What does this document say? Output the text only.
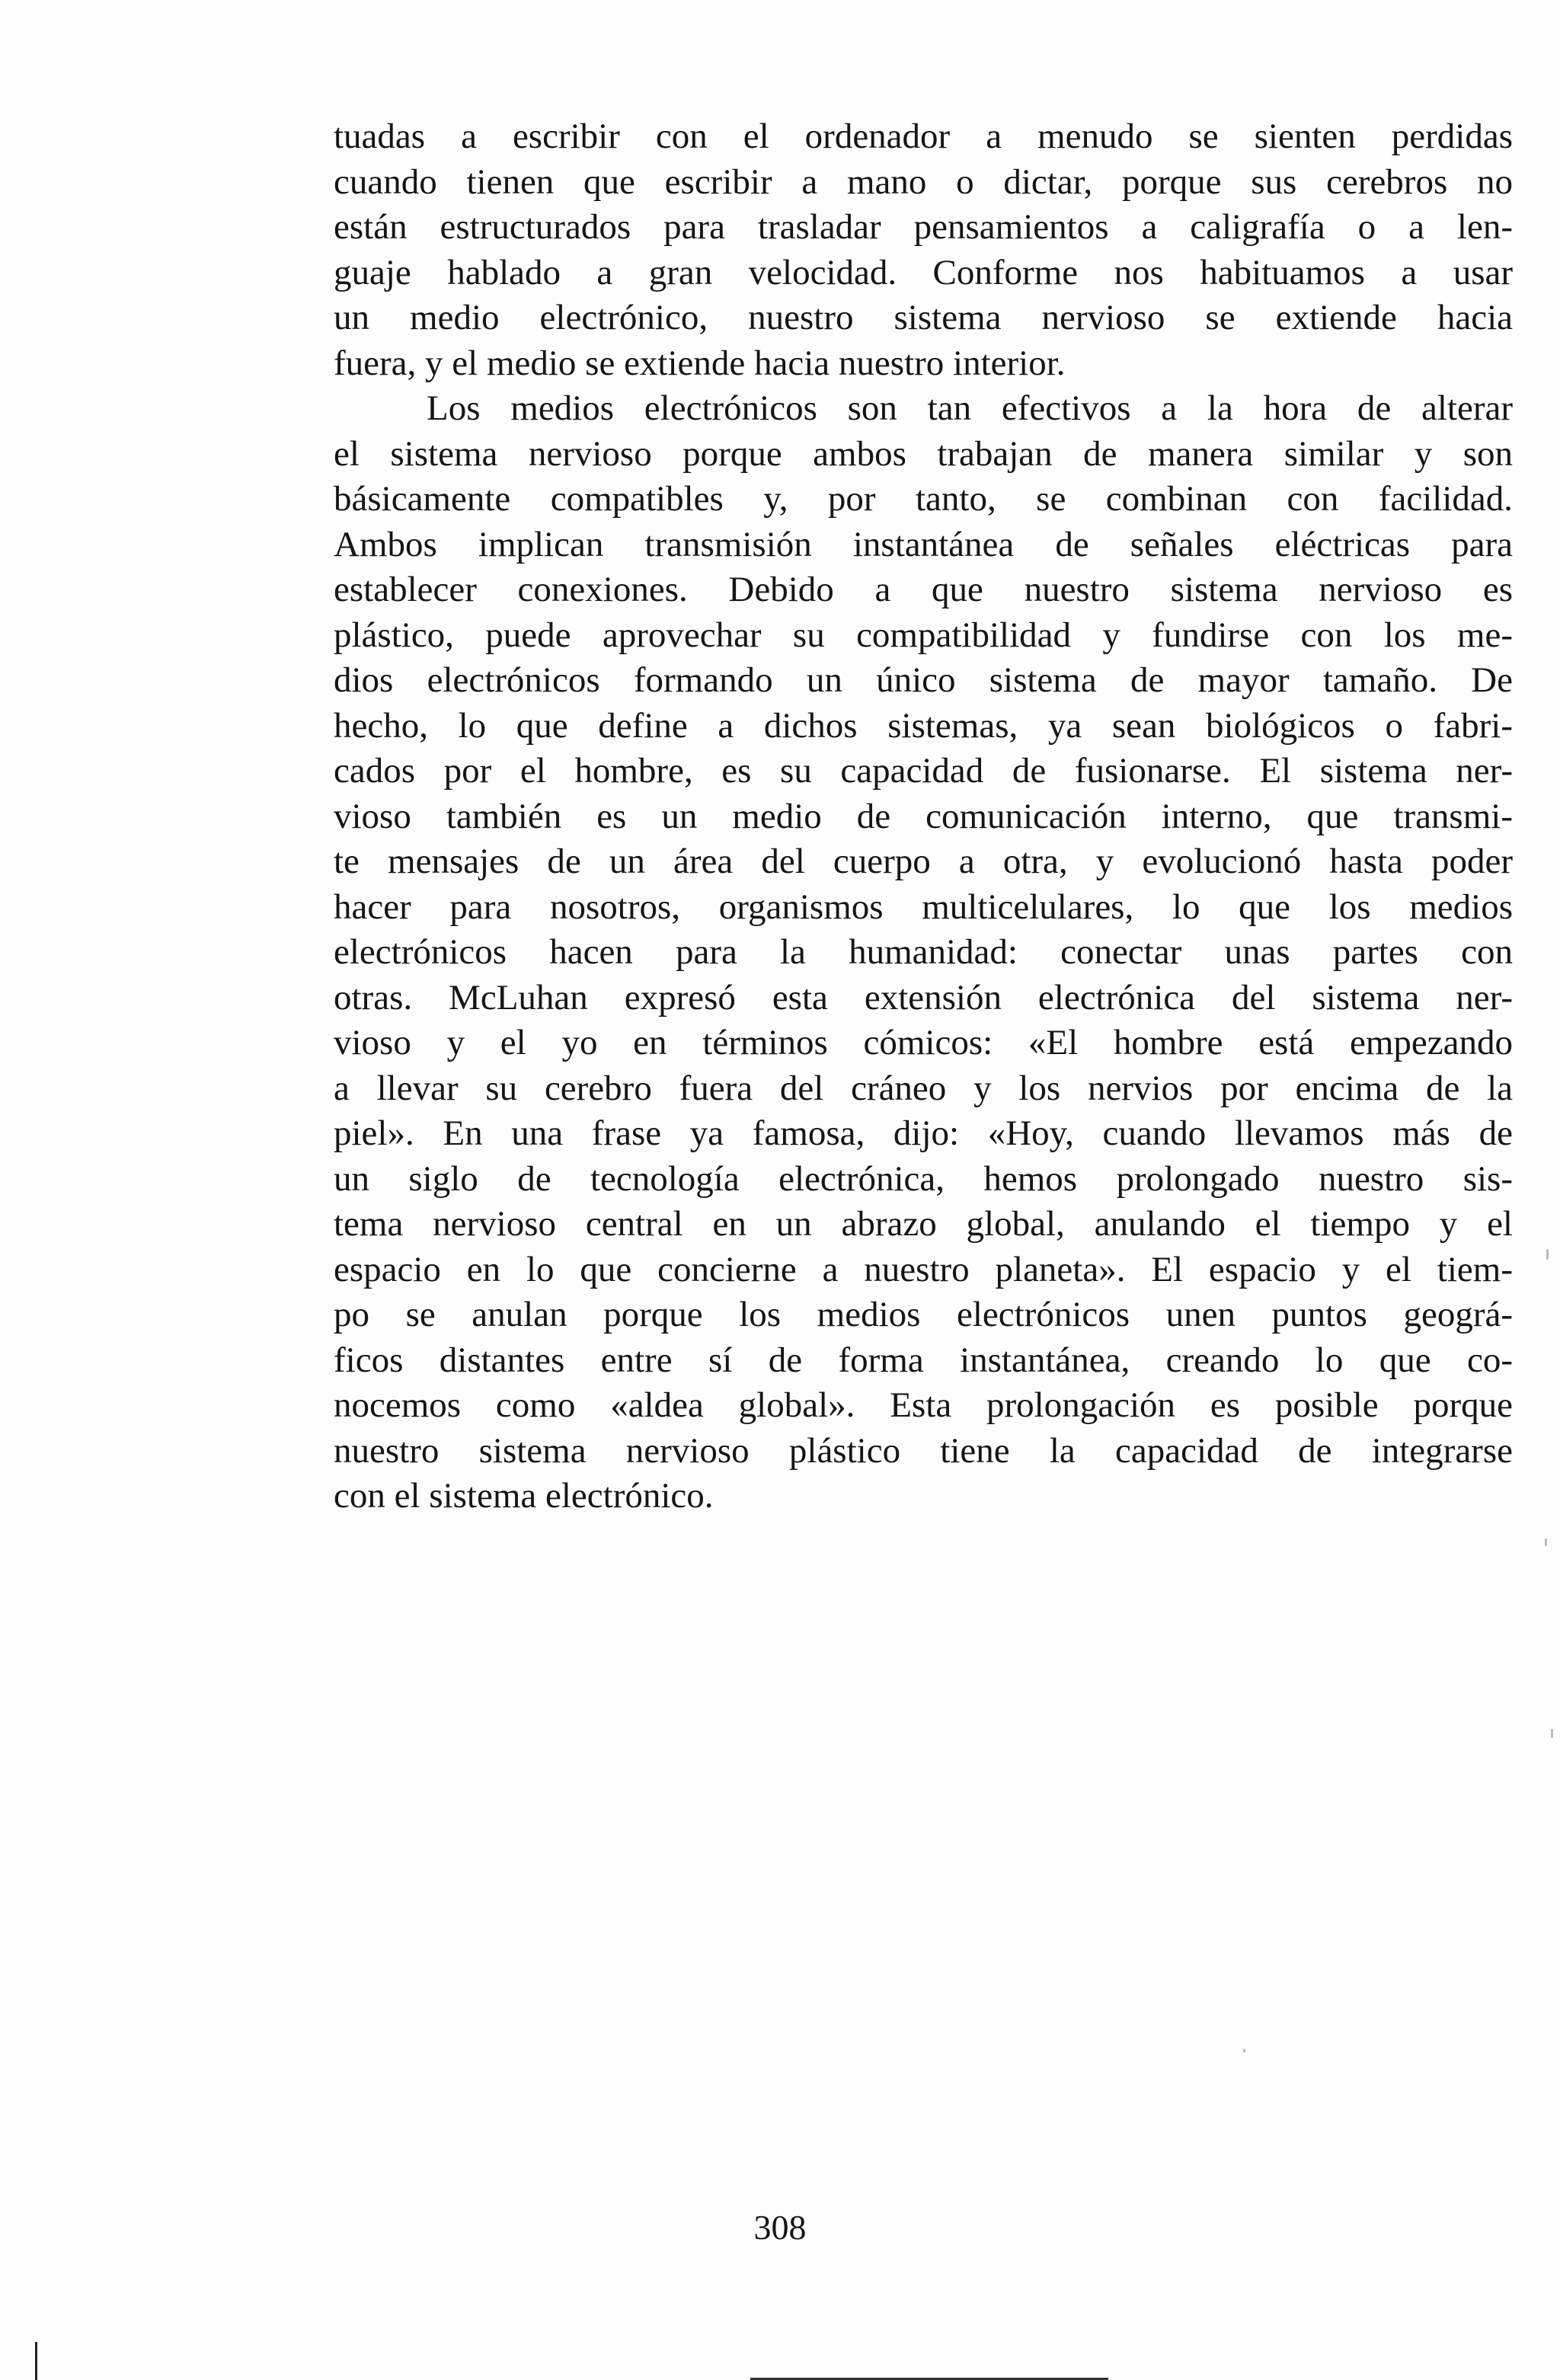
tuadas a escribir con el ordenador a menudo se sienten perdidas
cuando tienen que escribir a mano o dictar, porque sus cerebros no
están estructurados para trasladar pensamientos a caligrafía o a len-
guaje hablado a gran velocidad. Conforme nos habituamos a usar
un medio electrónico, nuestro sistema nervioso se extiende hacia
fuera, y el medio se extiende hacia nuestro interior.
Los medios electrónicos son tan efectivos a la hora de alterar
el sistema nervioso porque ambos trabajan de manera similar y son
básicamente compatibles y, por tanto, se combinan con facilidad.
Ambos implican transmisión instantánea de señales eléctricas para
establecer conexiones. Debido a que nuestro sistema nervioso es
plástico, puede aprovechar su compatibilidad y fundirse con los me-
dios electrónicos formando un único sistema de mayor tamaño. De
hecho, lo que define a dichos sistemas, ya sean biológicos o fabri-
cados por el hombre, es su capacidad de fusionarse. El sistema ner-
vioso también es un medio de comunicación interno, que transmi-
te mensajes de un área del cuerpo a otra, y evolucionó hasta poder
hacer para nosotros, organismos multicelulares, lo que los medios
electrónicos hacen para la humanidad: conectar unas partes con
otras. McLuhan expresó esta extensión electrónica del sistema ner-
vioso y el yo en términos cómicos: «El hombre está empezando
a llevar su cerebro fuera del cráneo y los nervios por encima de la
piel». En una frase ya famosa, dijo: «Hoy, cuando llevamos más de
un siglo de tecnología electrónica, hemos prolongado nuestro sis-
tema nervioso central en un abrazo global, anulando el tiempo y el
espacio en lo que concierne a nuestro planeta». El espacio y el tiem-
po se anulan porque los medios electrónicos unen puntos geográ-
ficos distantes entre sí de forma instantánea, creando lo que co-
nocemos como «aldea global». Esta prolongación es posible porque
nuestro sistema nervioso plástico tiene la capacidad de integrarse
con el sistema electrónico.
308
